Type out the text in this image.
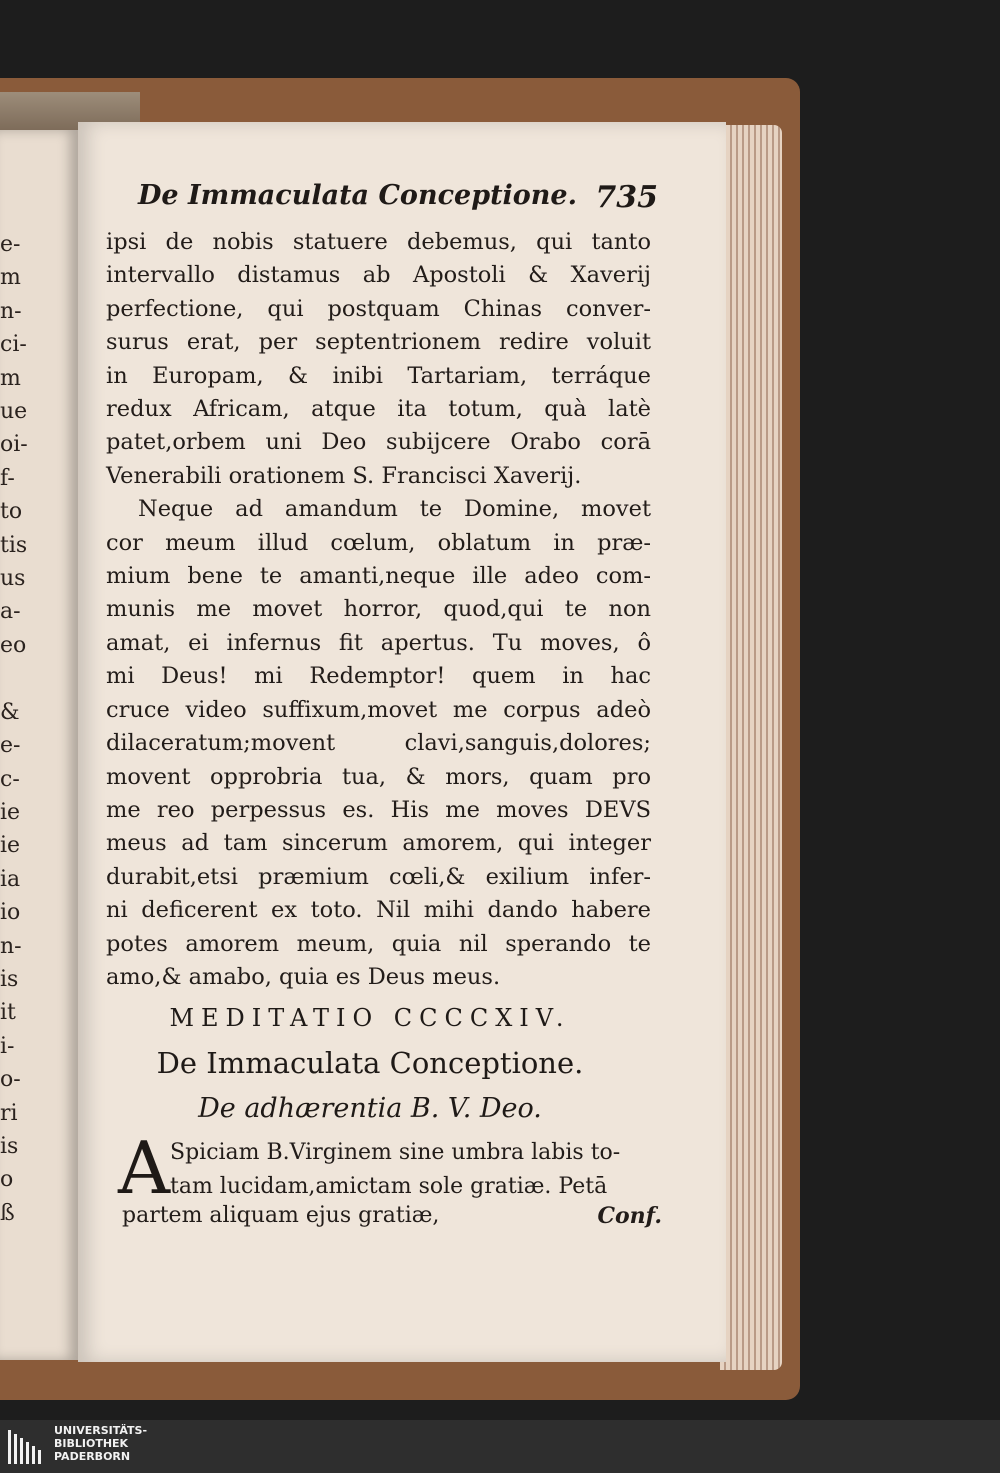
e-
m
n-
ci-
m
ue
oi-
f-
to
tis
us
a-
eo

&
e-
c-
ie
ie
ia
io
n-
is
it
i-
o-
ri
is
o
ß
De Immaculata Conceptione. 735
ipsi de nobis statuere debemus, qui tanto
intervallo distamus ab Apostoli & Xaverij
perfectione, qui postquam Chinas conver-
surus erat, per septentrionem redire voluit
in Europam, & inibi Tartariam, terráque
redux Africam, atque ita totum, quà latè
patet,orbem uni Deo subijcere Orabo corā
Venerabili orationem S. Francisci Xaverij.
Neque ad amandum te Domine, movet
cor meum illud cœlum, oblatum in præ-
mium bene te amanti,neque ille adeo com-
munis me movet horror, quod,qui te non
amat, ei infernus fit apertus. Tu moves, ô
mi Deus! mi Redemptor! quem in hac
cruce video suffixum,movet me corpus adeò
dilaceratum;movent clavi,sanguis,dolores;
movent opprobria tua, & mors, quam pro
me reo perpessus es. His me moves DEVS
meus ad tam sincerum amorem, qui integer
durabit,etsi præmium cœli,& exilium infer-
ni deficerent ex toto. Nil mihi dando habere
potes amorem meum, quia nil sperando te
amo,& amabo, quia es Deus meus.
MEDITATIO CCCCXIV.
De Immaculata Conceptione.
De adhærentia B. V. Deo.
A Spiciam B.Virginem sine umbra labis to-
tam lucidam,amictam sole gratiæ. Petā
partem aliquam ejus gratiæ,	Conf.
UNIVERSITÄTS-
BIBLIOTHEK
PADERBORN
